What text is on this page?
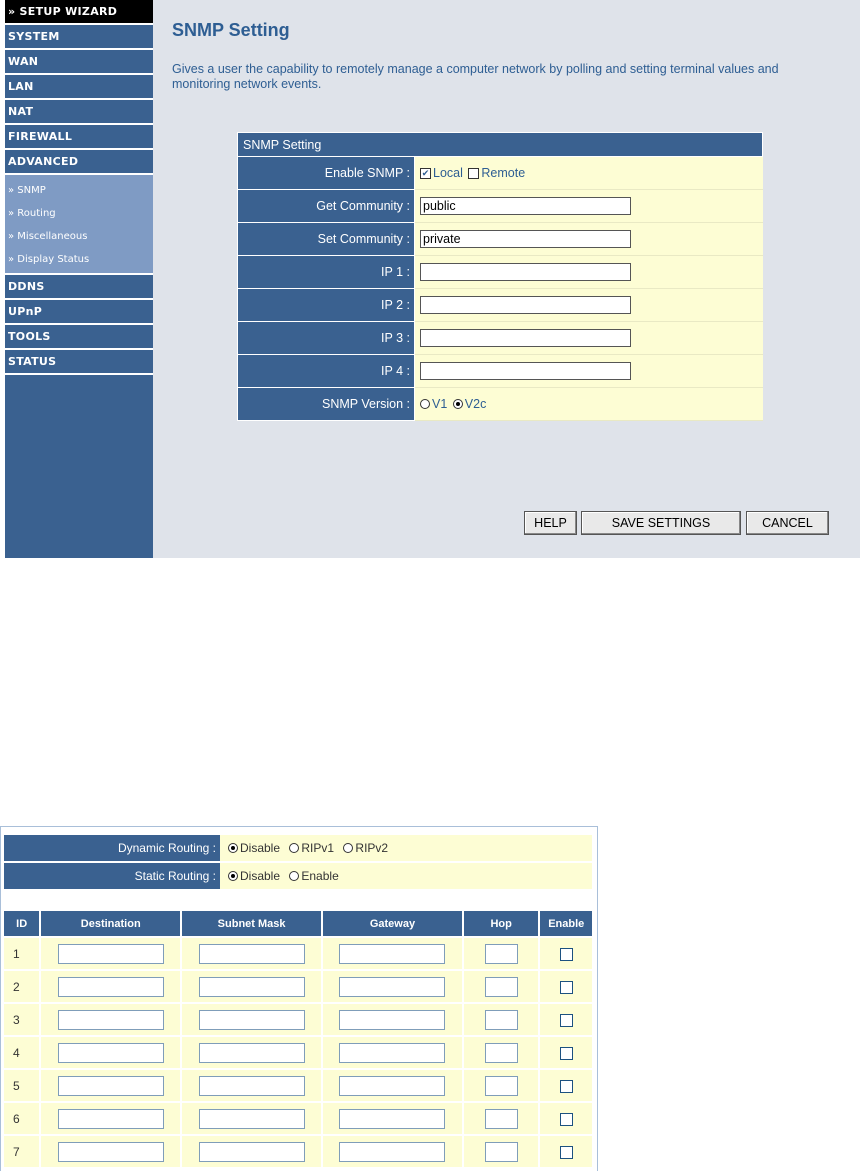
» SETUP WIZARD
SYSTEM
WAN
LAN
NAT
FIREWALL
ADVANCED
» SNMP
» Routing
» Miscellaneous
» Display Status
DDNS
UPnP
TOOLS
STATUS
SNMP Setting
Gives a user the capability to remotely manage a computer network by polling and setting terminal values and monitoring network events.
SNMP Setting	
Enable SNMP :	✔ Local Remote
Get Community :	public
Set Community :	private
IP 1 :	
IP 2 :	
IP 3 :	
IP 4 :	
SNMP Version :	V1 V2c
HELP	SAVE SETTINGS	CANCEL
Dynamic Routing :	Disable RIPv1 RIPv2
Static Routing :	Disable Enable
ID	Destination	Subnet Mask	Gateway	Hop	Enable
1					
2					
3					
4					
5					
6					
7					
